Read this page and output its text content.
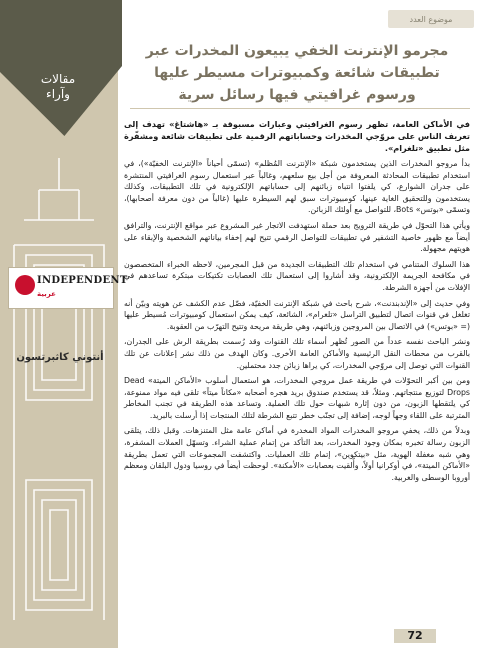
مقالات
وآراء
INDEPENDENT
عربية
أنتوني كاثبرتسون
موضوع العدد
مجرمو الإنترنت الخفي يبيعون المخدرات عبر
تطبيقات شائعة وكمبيوترات مسيطر عليها
ورسوم غرافيتي فيها رسائل سرية

في الأماكن العامة، تظهر رسوم الغرافيتي وعبارات مسبوقة بـ «هاشتاغ» تهدف إلى تعريف الناس على مروّجي المخدرات وحساباتهم الرقمية على تطبيقات شائعة ومشفّرة مثل تطبيق «تلغرام».

بدأ مروجو المخدرات الذين يستخدمون شبكة «الإنترنت المُظلم» (تسمّى أحياناً «الإنترنت الخفيّة»)، في استخدام تطبيقات المحادثة المعروفة من أجل بيع سلعهم، وغالباً عبر استعمال رسوم الغرافيتي المنتشرة على جدران الشوارع، كي يلفتوا انتباه زبائنهم إلى حساباتهم الإلكترونية في تلك التطبيقات، وكذلك يستخدمون وللتحقيق الغاية عينها، كومبيوترات سبق لهم السيطرة عليها (غالباً من دون معرفة أصحابها)، وتسمّى «بوتس» Bots، للتواصل مع أولئك الزبائن.

ويأتي هذا التحوّل في طريقة الترويج بعد حملة استهدفت الاتجار غير المشروع عبر مواقع الإنترنت، والترافق أيضاً مع ظهور خاصية التشفير في تطبيقات للتواصل الرقمي تتيح لهم إخفاء بياناتهم الشخصية والإبقاء على هويتهم مجهولة.

هذا السلوك المتنامي في استخدام تلك التطبيقات الجديدة من قبل المجرمين، لاحظه الخبراء المتخصصون في مكافحة الجريمة الإلكترونية، وقد أشاروا إلى استعمال تلك العصابات تكتيكات مبتكرة تساعدهم في الإفلات من أجهزة الشرطة.

وفي حديث إلى «الإندبندنت»، شرح باحث في شبكة الإنترنت الخفيّة، فضّل عدم الكشف عن هويته وبيّن أنه تغلغل في قنوات اتصال لتطبيق التراسل «تلغرام»، الشائعة، كيف يمكن استعمال كومبيوترات مُسيطر عليها (= «بوتس») في الاتصال بين المروجين وزبائنهم، وهي طريقة مريحة وتتيح التهرّب من العقوبة.

ونشر الباحث نفسه عدداً من الصور تُظهر أسماء تلك القنوات وقد رُسمت بطريقة الرش على الجدران، بالقرب من محطات النقل الرئيسية والأماكن العامة الأخرى. وكان الهدف من ذلك نشر إعلانات عن تلك القنوات التي توصل إلى مروّجي المخدرات، كي يراها زبائن جدد محتملين.

ومن بين أكبر التحوّلات في طريقة عمل مروجي المخدرات، هو استعمال أسلوب «الأماكن الميتة» Dead Drops لتوزيع منتجاتهم. ومثلاً، قد يستخدم صندوق بريد هجره أصحابه «مكاناً ميتاً» تلقى فيه مواد ممنوعة، كي يلتقطها الزبون، من دون إثارة شبهات حول تلك العملية. وتساعد هذه الطريقة في تجنب المخاطر المترتبة على اللقاء وجهاً لوجه، إضافة إلى تجنّب خطر تتبع الشرطة لتلك المنتجات إذا أرسلت بالبريد.

وبدلاً من ذلك، يخفي مروجو المخدرات المواد المخدرة في أماكن عامة مثل المتنزهات. وقبل ذلك، يتلقى الزبون رسالة تخبره بمكان وجود المخدرات، بعد التأكد من إتمام عملية الشراء. وتسهّل العملات المشفرة، وهي شبه مغفلة الهوية، مثل «بيتكوين»، إتمام تلك العمليات. واكتشفت المجموعات التي تعمل بطريقة «الأماكن الميتة»، في أوكرانيا أولاً، وأُلقيت بعصابات «الأمكنة». لوحظت أيضاً في روسيا ودول البلقان ومعظم أوروبا الوسطى والغربية.

72
